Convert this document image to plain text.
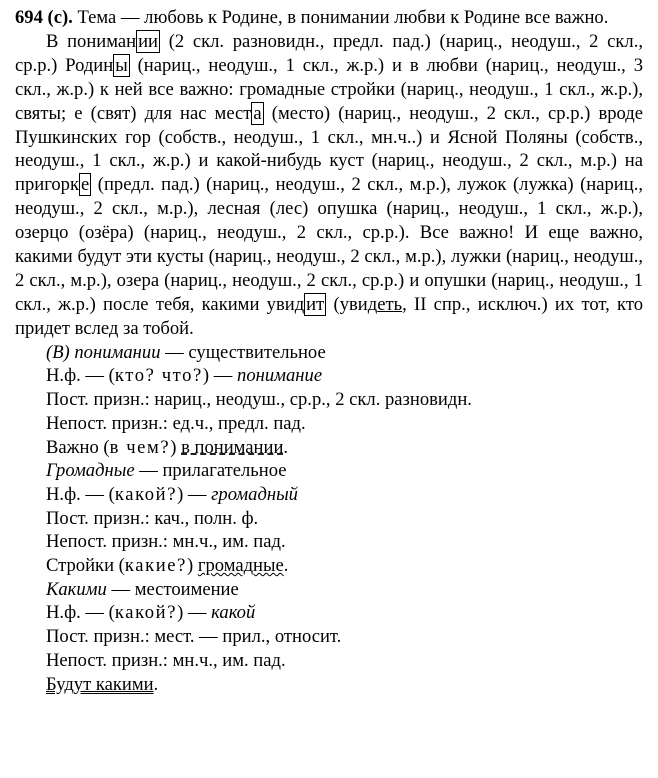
694 (с). Тема — любовь к Родине, в понимании любви к Родине все важно.

В пониман ии (2 скл. разновидн., предл. пад.) (нариц., неодуш., 2 скл., ср.р.) Родин ы (нариц., неодуш., 1 скл., ж.р.) и в любви (нариц., неодуш., 3 скл., ж.р.) к ней все важно: громадные стройки (нариц., неодуш., 1 скл., ж.р.), святы; е (свят) для нас мест а (место) (нариц., неодуш., 2 скл., ср.р.) вроде Пушкинских гор (собств., неодуш., 1 скл., мн.ч..) и Ясной Поляны (собств., неодуш., 1 скл., ж.р.) и какой-нибудь куст (нариц., неодуш., 2 скл., м.р.) на пригорк е (предл. пад.) (нариц., неодуш., 2 скл., м.р.), лужок (лужка) (нариц., неодуш., 2 скл., м.р.), лесная (лес) опушка (нариц., неодуш., 1 скл., ж.р.), озерцо (озёра) (нариц., неодуш., 2 скл., ср.р.). Все важно! И еще важно, какими будут эти кусты (нариц., неодуш., 2 скл., м.р.), лужки (нариц., неодуш., 2 скл., м.р.), озера (нариц., неодуш., 2 скл., ср.р.) и опушки (нариц., неодуш., 1 скл., ж.р.) после тебя, какими увид ит (увидеть, II спр., исключ.) их тот, кто придет вслед за тобой.

(В) понимании — существительное
Н.ф. — (кто? что?) — понимание
Пост. призн.: нариц., неодуш., ср.р., 2 скл. разновидн.
Непост. призн.: ед.ч., предл. пад.
Важно (в чем?) в понимании.
Громадные — прилагательное
Н.ф. — (какой?) — громадный
Пост. призн.: кач., полн. ф.
Непост. призн.: мн.ч., им. пад.
Стройки (какие?) громадные.
Какими — местоимение
Н.ф. — (какой?) — какой
Пост. призн.: мест. — прил., относит.
Непост. призн.: мн.ч., им. пад.
Будут какими.
